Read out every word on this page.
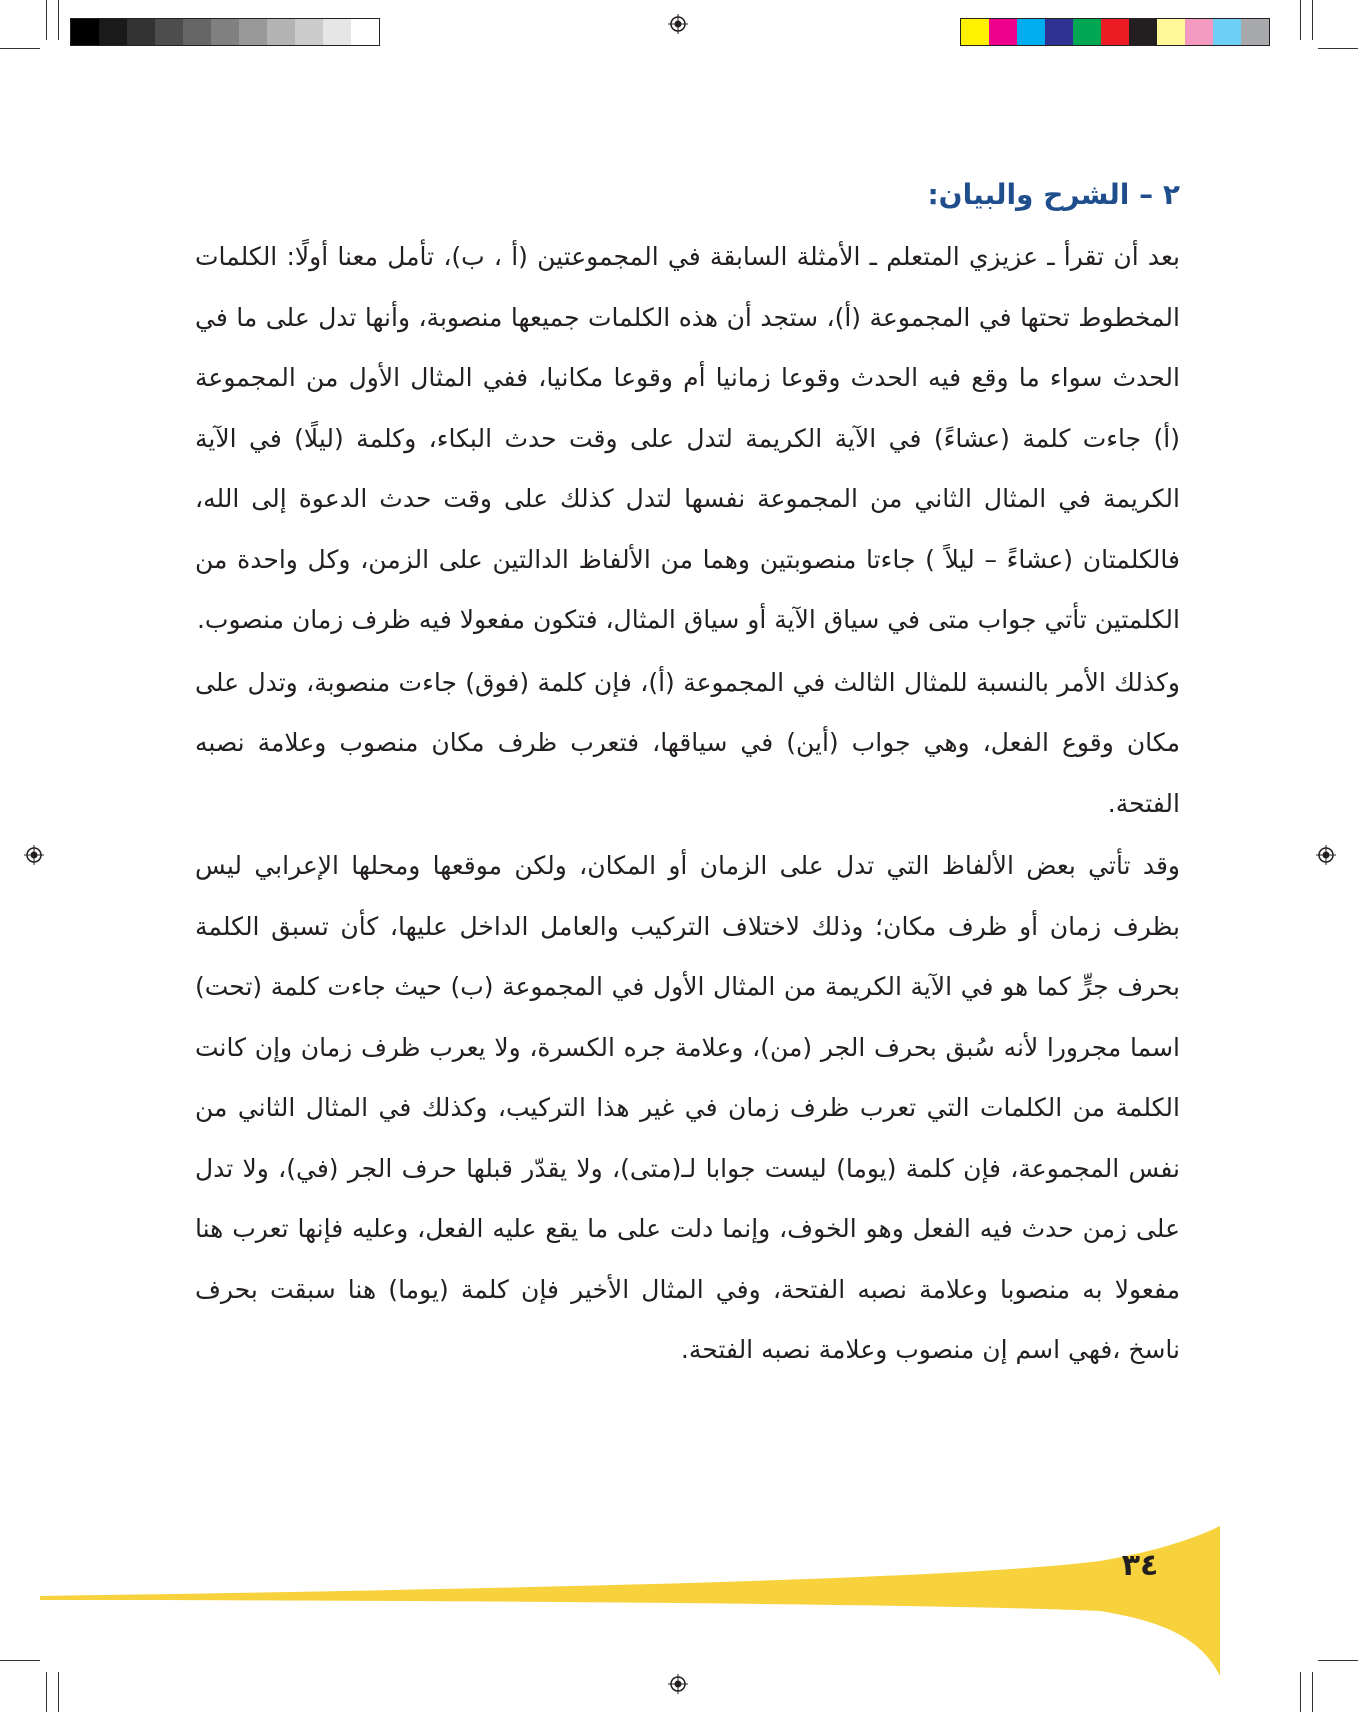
٢ – الشرح والبيان:

بعد أن تقرأ ـ عزيزي المتعلم ـ الأمثلة السابقة في المجموعتين (أ ، ب)، تأمل معنا أولًا: الكلمات المخطوط تحتها في المجموعة (أ)، ستجد أن هذه الكلمات جميعها منصوبة، وأنها تدل على ما في الحدث سواء ما وقع فيه الحدث وقوعا زمانيا أم وقوعا مكانيا، ففي المثال الأول من المجموعة (أ) جاءت كلمة (عشاءً) في الآية الكريمة لتدل على وقت حدث البكاء، وكلمة (ليلًا) في الآية الكريمة في المثال الثاني من المجموعة نفسها لتدل كذلك على وقت حدث الدعوة إلى الله، فالكلمتان (عشاءً – ليلاً ) جاءتا منصوبتين وهما من الألفاظ الدالتين على الزمن، وكل واحدة من الكلمتين تأتي جواب متى في سياق الآية أو سياق المثال، فتكون مفعولا فيه ظرف زمان منصوب.

وكذلك الأمر بالنسبة للمثال الثالث في المجموعة (أ)، فإن كلمة (فوق) جاءت منصوبة، وتدل على مكان وقوع الفعل، وهي جواب (أين) في سياقها، فتعرب ظرف مكان منصوب وعلامة نصبه الفتحة.

وقد تأتي بعض الألفاظ التي تدل على الزمان أو المكان، ولكن موقعها ومحلها الإعرابي ليس بظرف زمان أو ظرف مكان؛ وذلك لاختلاف التركيب والعامل الداخل عليها، كأن تسبق الكلمة بحرف جرٍّ كما هو في الآية الكريمة من المثال الأول في المجموعة (ب) حيث جاءت كلمة (تحت) اسما مجرورا لأنه سُبق بحرف الجر (من)، وعلامة جره الكسرة، ولا يعرب ظرف زمان وإن كانت الكلمة من الكلمات التي تعرب ظرف زمان في غير هذا التركيب، وكذلك في المثال الثاني من نفس المجموعة، فإن كلمة (يوما) ليست جوابا لـ(متى)، ولا يقدّر قبلها حرف الجر (في)، ولا تدل على زمن حدث فيه الفعل وهو الخوف، وإنما دلت على ما يقع عليه الفعل، وعليه فإنها تعرب هنا مفعولا به منصوبا وعلامة نصبه الفتحة، وفي المثال الأخير فإن كلمة (يوما) هنا سبقت بحرف ناسخ ،فهي اسم إن منصوب وعلامة نصبه الفتحة.

٣٤
